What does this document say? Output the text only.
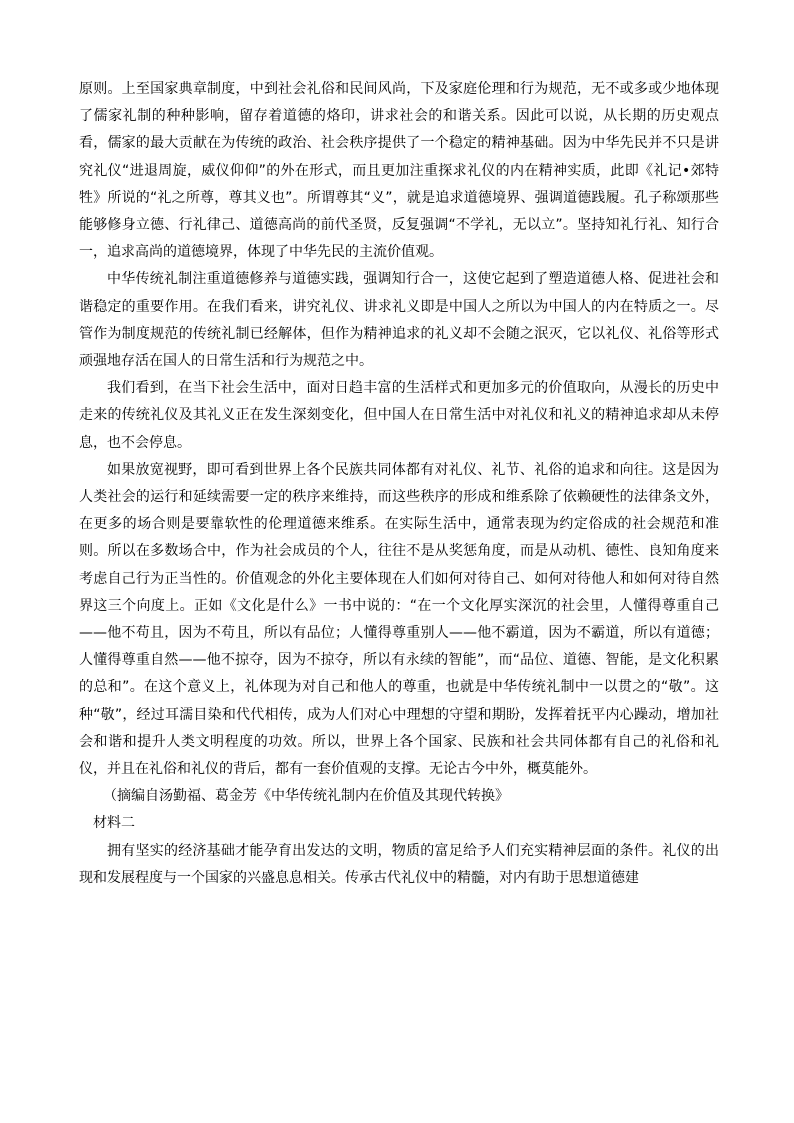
原则。上至国家典章制度，中到社会礼俗和民间风尚，下及家庭伦理和行为规范，无不或多或少地体现了儒家礼制的种种影响，留存着道德的烙印，讲求社会的和谐关系。因此可以说，从长期的历史观点看，儒家的最大贡献在为传统的政治、社会秩序提供了一个稳定的精神基础。因为中华先民并不只是讲究礼仪“进退周旋，威仪仰仰”的外在形式，而且更加注重探求礼仪的内在精神实质，此即《礼记•郊特牲》所说的“礼之所尊，尊其义也”。所谓尊其“义”，就是追求道德境界、强调道德践履。孔子称颂那些能够修身立德、行礼律己、道德高尚的前代圣贤，反复强调“不学礼，无以立”。坚持知礼行礼、知行合一，追求高尚的道德境界，体现了中华先民的主流价值观。

中华传统礼制注重道德修养与道德实践，强调知行合一，这使它起到了塑造道德人格、促进社会和谐稳定的重要作用。在我们看来，讲究礼仪、讲求礼义即是中国人之所以为中国人的内在特质之一。尽管作为制度规范的传统礼制已经解体，但作为精神追求的礼义却不会随之泯灭，它以礼仪、礼俗等形式顽强地存活在国人的日常生活和行为规范之中。

我们看到，在当下社会生活中，面对日趋丰富的生活样式和更加多元的价值取向，从漫长的历史中走来的传统礼仪及其礼义正在发生深刻变化，但中国人在日常生活中对礼仪和礼义的精神追求却从未停息，也不会停息。

如果放宽视野，即可看到世界上各个民族共同体都有对礼仪、礼节、礼俗的追求和向往。这是因为人类社会的运行和延续需要一定的秩序来维持，而这些秩序的形成和维系除了依赖硬性的法律条文外，在更多的场合则是要靠软性的伦理道德来维系。在实际生活中，通常表现为约定俗成的社会规范和准则。所以在多数场合中，作为社会成员的个人，往往不是从奖惩角度，而是从动机、德性、良知角度来考虑自己行为正当性的。价值观念的外化主要体现在人们如何对待自己、如何对待他人和如何对待自然界这三个向度上。正如《文化是什么》一书中说的：“在一个文化厚实深沉的社会里，人懂得尊重自己——他不苟且，因为不苟且，所以有品位；人懂得尊重别人——他不霸道，因为不霸道，所以有道德；人懂得尊重自然——他不掠夺，因为不掠夺，所以有永续的智能”，而“品位、道德、智能，是文化积累的总和”。在这个意义上，礼体现为对自己和他人的尊重，也就是中华传统礼制中一以贯之的“敬”。这种“敬”，经过耳濡目染和代代相传，成为人们对心中理想的守望和期盼，发挥着抚平内心躁动，增加社会和谐和提升人类文明程度的功效。所以，世界上各个国家、民族和社会共同体都有自己的礼俗和礼仪，并且在礼俗和礼仪的背后，都有一套价值观的支撑。无论古今中外，概莫能外。

（摘编自汤勤福、葛金芳《中华传统礼制内在价值及其现代转换》

材料二

拥有坚实的经济基础才能孕育出发达的文明，物质的富足给予人们充实精神层面的条件。礼仪的出现和发展程度与一个国家的兴盛息息相关。传承古代礼仪中的精髓，对内有助于思想道德建
